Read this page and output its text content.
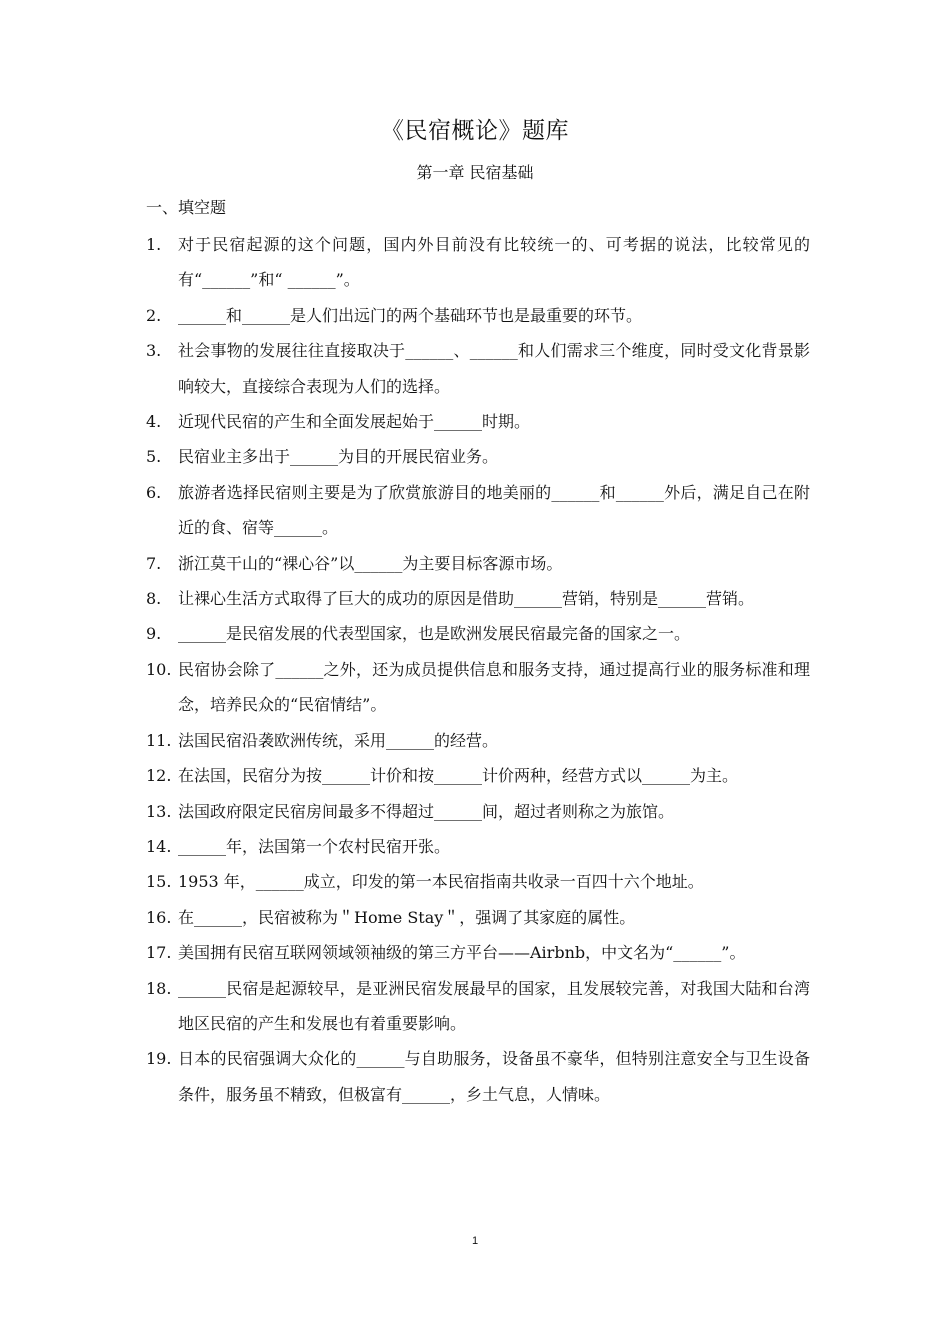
《民宿概论》题库
第一章 民宿基础
一、填空题
1.	对于民宿起源的这个问题，国内外目前没有比较统一的、可考据的说法，比较常见的有“______”和“ ______”。
2.	______和______是人们出远门的两个基础环节也是最重要的环节。
3.	社会事物的发展往往直接取决于______、______和人们需求三个维度，同时受文化背景影响较大，直接综合表现为人们的选择。
4.	近现代民宿的产生和全面发展起始于______时期。
5.	民宿业主多出于______为目的开展民宿业务。
6.	旅游者选择民宿则主要是为了欣赏旅游目的地美丽的______和______外后，满足自己在附近的食、宿等______。
7.	浙江莫干山的“裸心谷”以______为主要目标客源市场。
8.	让裸心生活方式取得了巨大的成功的原因是借助______营销，特别是______营销。
9.	______是民宿发展的代表型国家，也是欧洲发展民宿最完备的国家之一。
10. 民宿协会除了______之外，还为成员提供信息和服务支持，通过提高行业的服务标准和理念，培养民众的“民宿情结”。
11. 法国民宿沿袭欧洲传统，采用______的经营。
12. 在法国，民宿分为按______计价和按______计价两种，经营方式以______为主。
13. 法国政府限定民宿房间最多不得超过______间，超过者则称之为旅馆。
14. ______年，法国第一个农村民宿开张。
15. 1953 年，______成立，印发的第一本民宿指南共收录一百四十六个地址。
16. 在______，民宿被称为＂Home Stay＂，强调了其家庭的属性。
17. 美国拥有民宿互联网领域领袖级的第三方平台——Airbnb，中文名为“______”。
18. ______民宿是起源较早，是亚洲民宿发展最早的国家，且发展较完善，对我国大陆和台湾地区民宿的产生和发展也有着重要影响。
19. 日本的民宿强调大众化的______与自助服务，设备虽不豪华，但特别注意安全与卫生设备条件，服务虽不精致，但极富有______，乡土气息，人情味。
1
